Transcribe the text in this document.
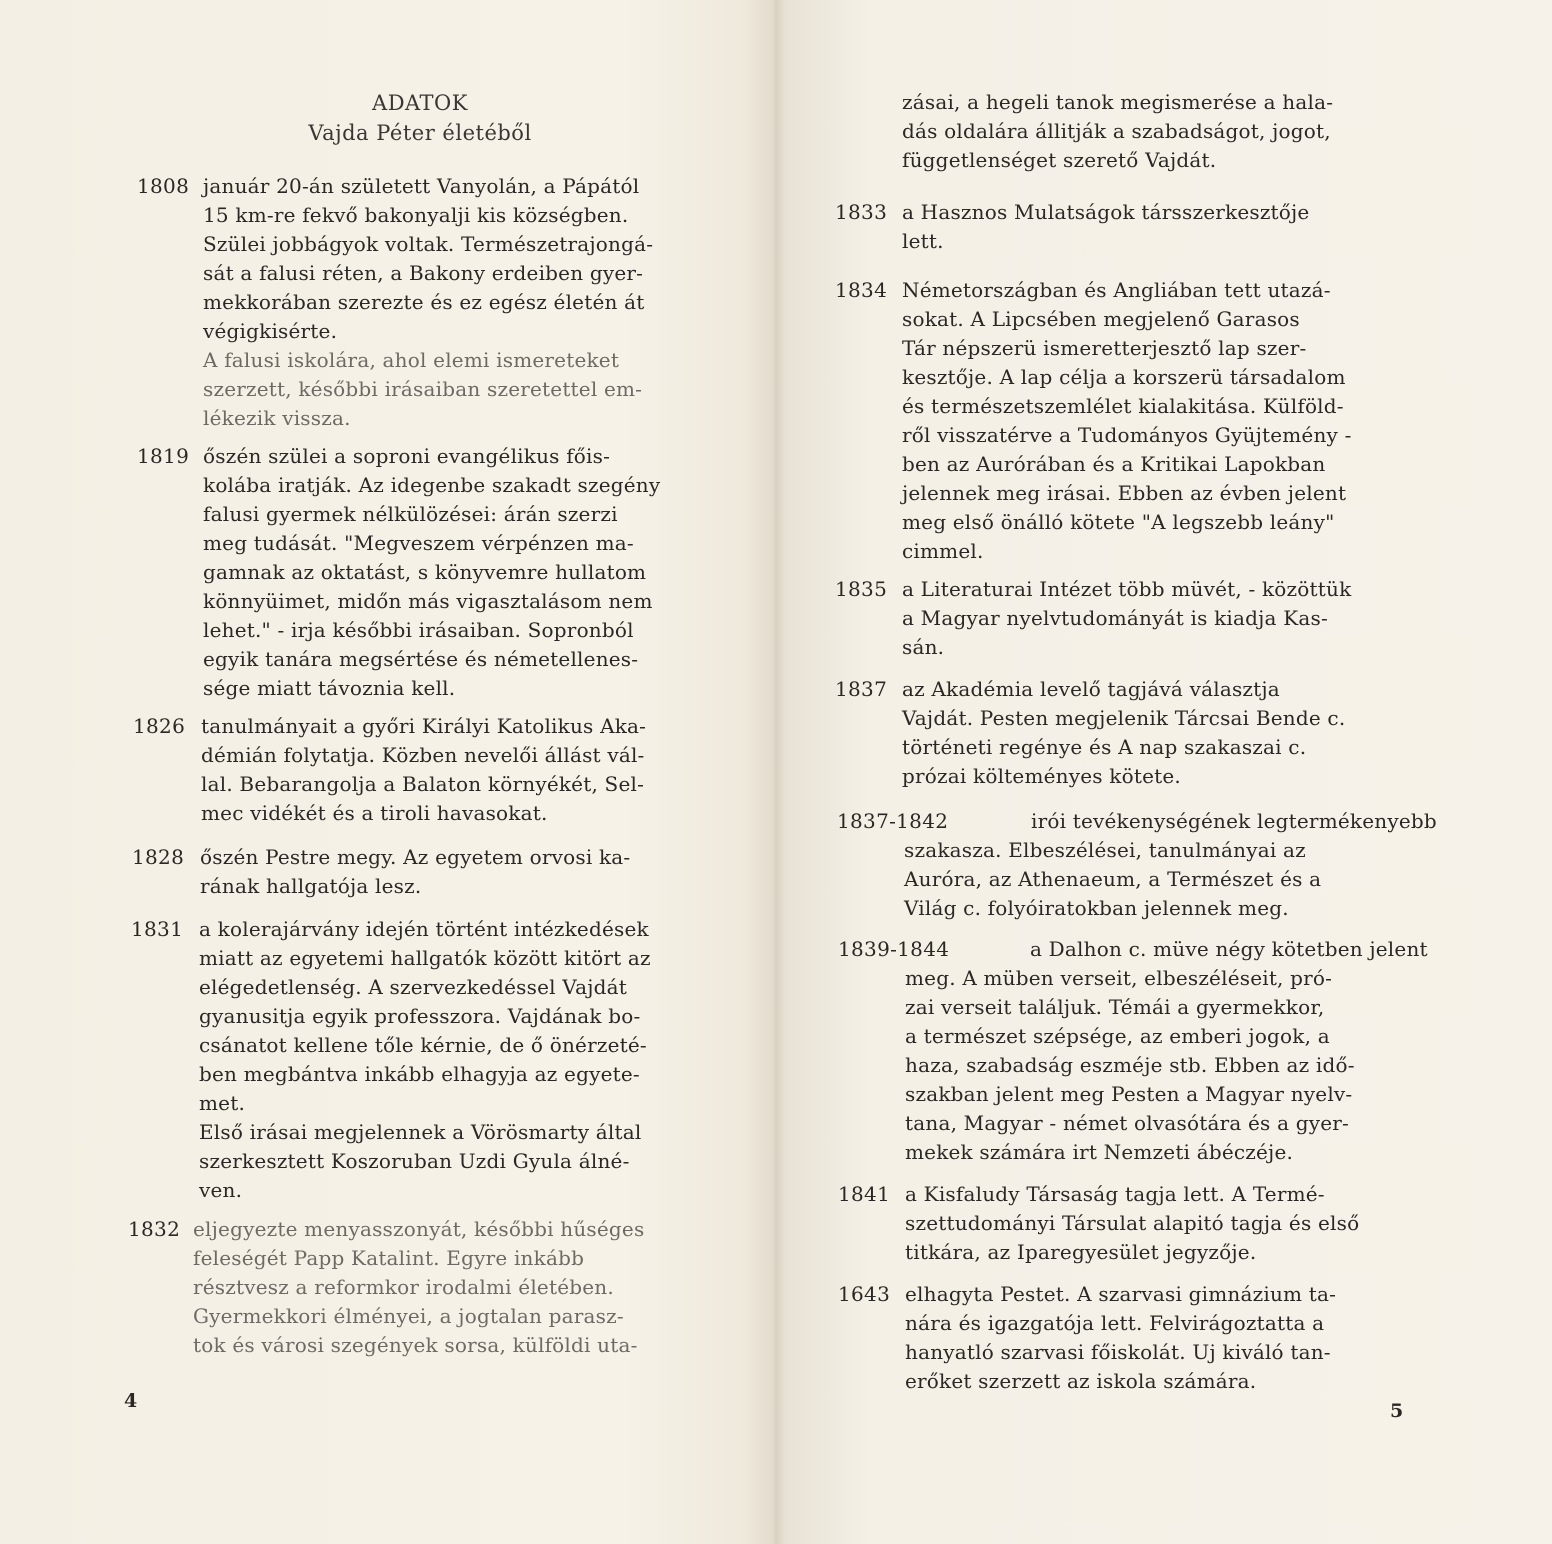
ADATOK
Vajda Péter életéből
1808 január 20-án született Vanyolán, a Pápától
15 km-re fekvő bakonyalji kis községben.
Szülei jobbágyok voltak. Természetrajongá-
sát a falusi réten, a Bakony erdeiben gyer-
mekkorában szerezte és ez egész életén át
végigkisérte.
A falusi iskolára, ahol elemi ismereteket
szerzett, későbbi irásaiban szeretettel em-
lékezik vissza.
1819 őszén szülei a soproni evangélikus főis-
kolába iratják. Az idegenbe szakadt szegény
falusi gyermek nélkülözései: árán szerzi
meg tudását. "Megveszem vérpénzen ma-
gamnak az oktatást, s könyvemre hullatom
könnyüimet, midőn más vigasztalásom nem
lehet." - irja későbbi irásaiban. Sopronból
egyik tanára megsértése és németellenes-
sége miatt távoznia kell.
1826 tanulmányait a győri Királyi Katolikus Aka-
démián folytatja. Közben nevelői állást vál-
lal. Bebarangolja a Balaton környékét, Sel-
mec vidékét és a tiroli havasokat.
1828 őszén Pestre megy. Az egyetem orvosi ka-
rának hallgatója lesz.
1831 a kolerajárvány idején történt intézkedések
miatt az egyetemi hallgatók között kitört az
elégedetlenség. A szervezkedéssel Vajdát
gyanusitja egyik professzora. Vajdának bo-
csánatot kellene tőle kérnie, de ő önérzeté-
ben megbántva inkább elhagyja az egyete-
met.
Első irásai megjelennek a Vörösmarty által
szerkesztett Koszoruban Uzdi Gyula álné-
ven.
1832 eljegyezte menyasszonyát, későbbi hűséges
feleségét Papp Katalint. Egyre inkább
résztvesz a reformkor irodalmi életében.
Gyermekkori élményei, a jogtalan parasz-
tok és városi szegények sorsa, külföldi uta-
4
zásai, a hegeli tanok megismerése a hala-
dás oldalára állitják a szabadságot, jogot,
függetlenséget szerető Vajdát.
1833 a Hasznos Mulatságok társszerkesztője
lett.
1834 Németországban és Angliában tett utazá-
sokat. A Lipcsében megjelenő Garasos
Tár népszerü ismeretterjesztő lap szer-
kesztője. A lap célja a korszerü társadalom
és természetszemlélet kialakitása. Külföld-
ről visszatérve a Tudományos Gyüjtemény -
ben az Aurórában és a Kritikai Lapokban
jelennek meg irásai. Ebben az évben jelent
meg első önálló kötete "A legszebb leány"
cimmel.
1835 a Literaturai Intézet több müvét, - közöttük
a Magyar nyelvtudományát is kiadja Kas-
sán.
1837 az Akadémia levelő tagjává választja
Vajdát. Pesten megjelenik Tárcsai Bende c.
történeti regénye és A nap szakaszai c.
prózai költeményes kötete.
1837-1842	irói tevékenységének legtermékenyebb
szakasza. Elbeszélései, tanulmányai az
Auróra, az Athenaeum, a Természet és a
Világ c. folyóiratokban jelennek meg.
1839-1844	a Dalhon c. müve négy kötetben jelent
meg. A müben verseit, elbeszéléseit, pró-
zai verseit találjuk. Témái a gyermekkor,
a természet szépsége, az emberi jogok, a
haza, szabadság eszméje stb. Ebben az idő-
szakban jelent meg Pesten a Magyar nyelv-
tana, Magyar - német olvasótára és a gyer-
mekek számára irt Nemzeti ábéczéje.
1841 a Kisfaludy Társaság tagja lett. A Termé-
szettudományi Társulat alapitó tagja és első
titkára, az Iparegyesület jegyzője.
1643 elhagyta Pestet. A szarvasi gimnázium ta-
nára és igazgatója lett. Felvirágoztatta a
hanyatló szarvasi főiskolát. Uj kiváló tan-
erőket szerzett az iskola számára.
5
